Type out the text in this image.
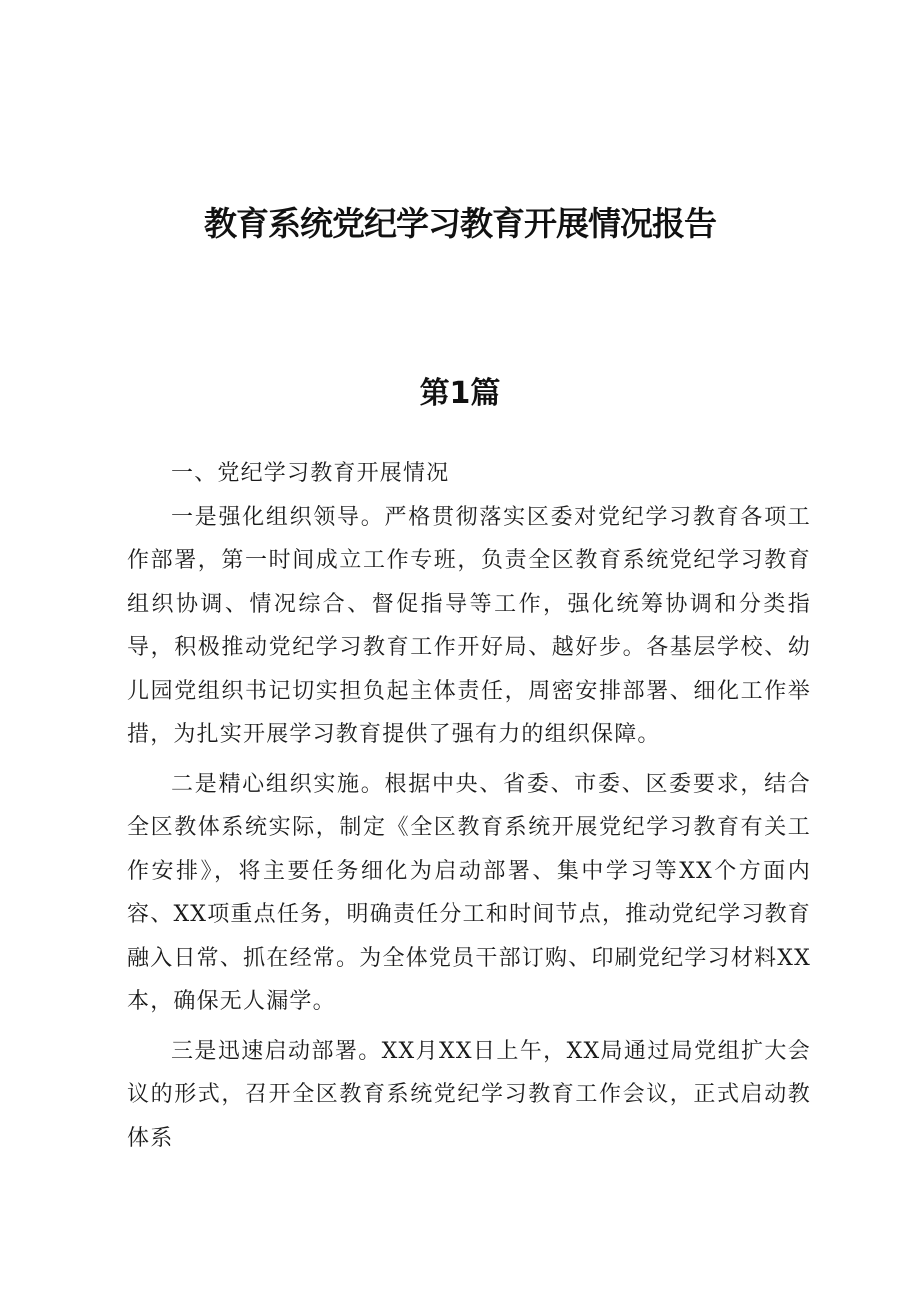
教育系统党纪学习教育开展情况报告
第1篇

一、党纪学习教育开展情况

一是强化组织领导。严格贯彻落实区委对党纪学习教育各项工作部署，第一时间成立工作专班，负责全区教育系统党纪学习教育组织协调、情况综合、督促指导等工作，强化统筹协调和分类指导，积极推动党纪学习教育工作开好局、越好步。各基层学校、幼儿园党组织书记切实担负起主体责任，周密安排部署、细化工作举措，为扎实开展学习教育提供了强有力的组织保障。

二是精心组织实施。根据中央、省委、市委、区委要求，结合全区教体系统实际，制定《全区教育系统开展党纪学习教育有关工作安排》，将主要任务细化为启动部署、集中学习等XX个方面内容、XX项重点任务，明确责任分工和时间节点，推动党纪学习教育融入日常、抓在经常。为全体党员干部订购、印刷党纪学习材料XX本，确保无人漏学。

三是迅速启动部署。XX月XX日上午，XX局通过局党组扩大会议的形式，召开全区教育系统党纪学习教育工作会议，正式启动教体系
